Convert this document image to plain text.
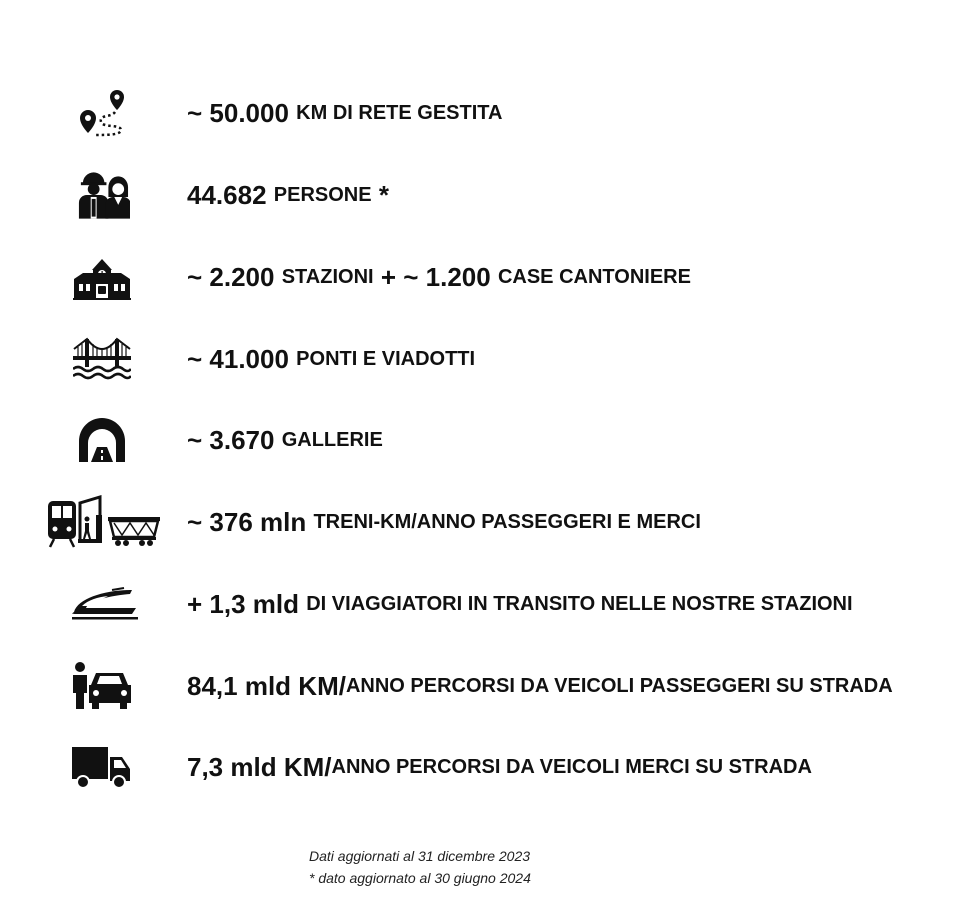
~ 50.000
KM DI RETE GESTITA
44.682
PERSONE
*
~ 2.200
STAZIONI
+
~ 1.200
CASE CANTONIERE
~ 41.000
PONTI E VIADOTTI
~ 3.670
GALLERIE
~ 376 mln
TRENI-KM/ANNO PASSEGGERI E MERCI
+ 1,3 mld
DI VIAGGIATORI IN TRANSITO NELLE NOSTRE STAZIONI
84,1 mld
KM/ ANNO PERCORSI DA VEICOLI PASSEGGERI SU STRADA
7,3 mld
KM/ ANNO PERCORSI DA VEICOLI MERCI SU STRADA
Dati aggiornati al 31 dicembre 2023
* dato aggiornato al 30 giugno 2024
